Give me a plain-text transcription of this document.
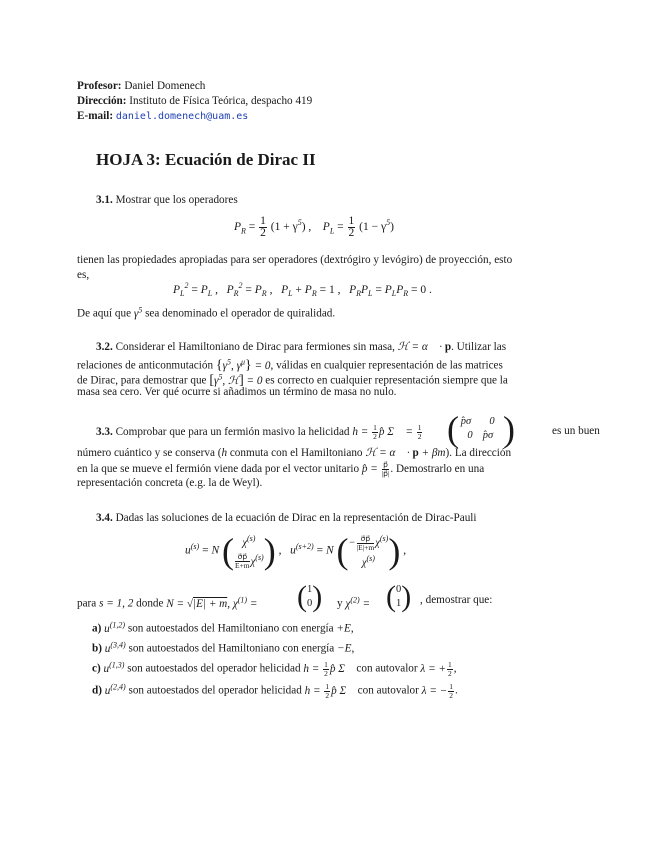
Profesor: Daniel Domenech
Dirección: Instituto de Física Teórica, despacho 419
E-mail: daniel.domenech@uam.es
HOJA 3: Ecuación de Dirac II
3.1. Mostrar que los operadores
$P_R = \frac{1}{2} (1 + \gamma^5)$ ,    $P_L = \frac{1}{2} (1 - \gamma^5)$
tienen las propiedades apropiadas para ser operadores (dextrógiro y levógiro) de proyección, esto
es,
$P_L^2 = P_L$ ,   $P_R^2 = P_R$ ,   $P_L + P_R = 1$ ,   $P_RP_L = P_LP_R = 0$ .
De aquí que $\gamma^5$ sea denominado el operador de quiralidad.
3.2. Considerar el Hamiltoniano de Dirac para fermiones sin masa, ℋ = α⃗ · p. Utilizar las
relaciones de anticonmutación {$\gamma^5$, $\gamma^\mu\} = 0$, válidas en cualquier representación de las matrices
de Dirac, para demostrar que [$\gamma^5$, ℋ] = 0 es correcto en cualquier representación siempre que la
masa sea cero. Ver qué ocurre si añadimos un término de masa no nulo.
3.3. Comprobar que para un fermión masivo la helicidad $h = \frac{1}{2}$ p̂ Σ⃗ = $\frac{1}{2}$ ( p̂σ⃗ 0
0 p̂σ⃗ )	es un buen
número cuántico y se conserva (h conmuta con el Hamiltoniano ℋ = α⃗ · p + βm). La dirección
en la que se mueve el fermión viene dada por el vector unitario p̂ = $\frac{p⃗}{|p⃗|}$ . Demostrarlo en una
representación concreta (e.g. la de Weyl).
3.4. Dadas las soluciones de la ecuación de Dirac en la representación de Dirac-Pauli
$u^{(s)} = N$ ( $\chi^{(s)}$
$\frac{\sigma⃗p⃗}{E+m} \chi^{(s)}$ ) ,   $u^{(s+2)} = N$ ( − $\frac{\sigma⃗p⃗}{|E|+m} \chi^{(s)}$
$\chi^{(s)}$ ) ,
para s = 1, 2 donde N = √|E| + m, $\chi^{(1)}$ = ( 1
0 ) y $\chi^{(2)}$ = ( 0
1 ) , demostrar que:
a) $u^{(1,2)}$ son autoestados del Hamiltoniano con energía +E,
b) $u^{(3,4)}$ son autoestados del Hamiltoniano con energía −E,
c) $u^{(1,3)}$ son autoestados del operador helicidad $h = \frac{1}{2}$ p̂ Σ⃗ con autovalor λ = + $\frac{1}{2}$ ,
d) $u^{(2,4)}$ son autoestados del operador helicidad $h = \frac{1}{2}$ p̂ Σ⃗ con autovalor λ = − $\frac{1}{2}$ .
